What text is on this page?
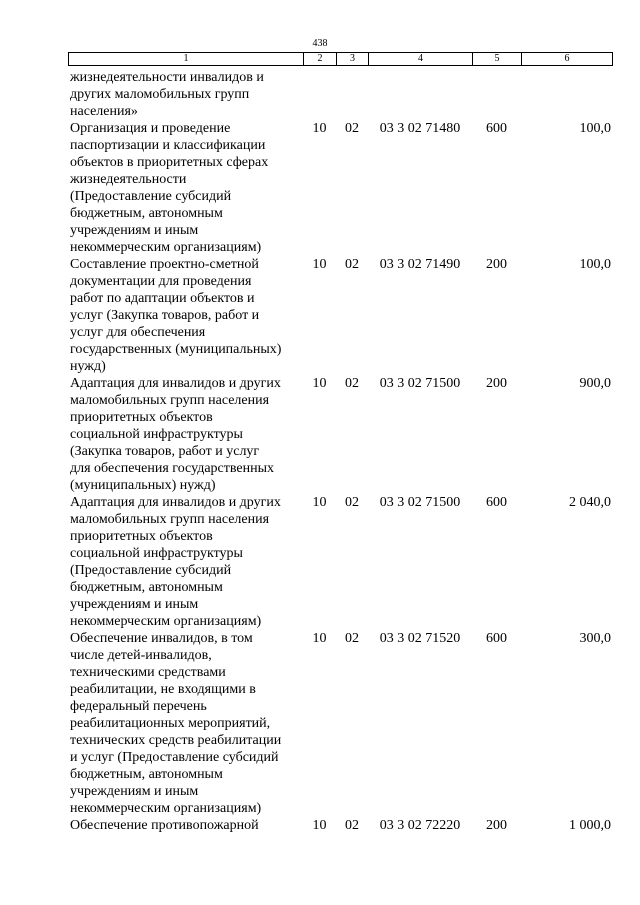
438
1	2	3	4	5	6
жизнедеятельности инвалидов и
других маломобильных групп
населения»
Организация и проведение
паспортизации и классификации
объектов в приоритетных сферах
жизнедеятельности
(Предоставление субсидий
бюджетным, автономным
учреждениям и иным
некоммерческим организациям)
10	02	03 3 02 71480	600	100,0
Составление проектно-сметной
документации для проведения
работ по адаптации объектов и
услуг (Закупка товаров, работ и
услуг для обеспечения
государственных (муниципальных)
нужд)
10	02	03 3 02 71490	200	100,0
Адаптация для инвалидов и других
маломобильных групп населения
приоритетных объектов
социальной инфраструктуры
(Закупка товаров, работ и услуг
для обеспечения государственных
(муниципальных) нужд)
10	02	03 3 02 71500	200	900,0
Адаптация для инвалидов и других
маломобильных групп населения
приоритетных объектов
социальной инфраструктуры
(Предоставление субсидий
бюджетным, автономным
учреждениям и иным
некоммерческим организациям)
10	02	03 3 02 71500	600	2 040,0
Обеспечение инвалидов, в том
числе детей-инвалидов,
техническими средствами
реабилитации, не входящими в
федеральный перечень
реабилитационных мероприятий,
технических средств реабилитации
и услуг (Предоставление субсидий
бюджетным, автономным
учреждениям и иным
некоммерческим организациям)
10	02	03 3 02 71520	600	300,0
Обеспечение противопожарной	10	02	03 3 02 72220	200	1 000,0
